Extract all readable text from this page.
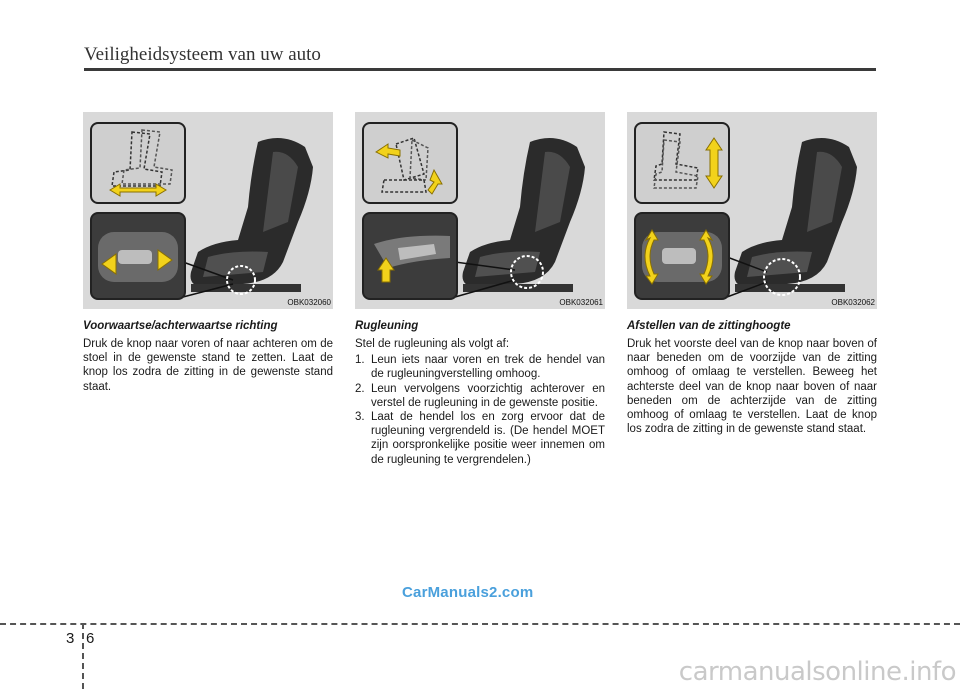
Veiligheidsysteem van uw auto
OBK032060
Voorwaartse/achterwaartse richting

Druk de knop naar voren of naar achteren om de stoel in de gewenste stand te zetten. Laat de knop los zodra de zitting in de gewenste stand staat.

OBK032061
Rugleuning

Stel de rugleuning als volgt af:

1. Leun iets naar voren en trek de hendel van de rugleuningverstelling omhoog.
2. Leun vervolgens voorzichtig achterover en verstel de rugleuning in de gewenste positie.
3. Laat de hendel los en zorg ervoor dat de rugleuning vergrendeld is. (De hendel MOET zijn oorspronkelijke positie weer innemen om de rugleuning te vergrendelen.)
OBK032062
Afstellen van de zittinghoogte

Druk het voorste deel van de knop naar boven of naar beneden om de voorzijde van de zitting omhoog of omlaag te verstellen. Beweeg het achterste deel van de knop naar boven of naar beneden om de achterzijde van de zitting omhoog of omlaag te verstellen. Laat de knop los zodra de zitting in de gewenste stand staat.

CarManuals2.com
3 6
carmanualsonline.info
